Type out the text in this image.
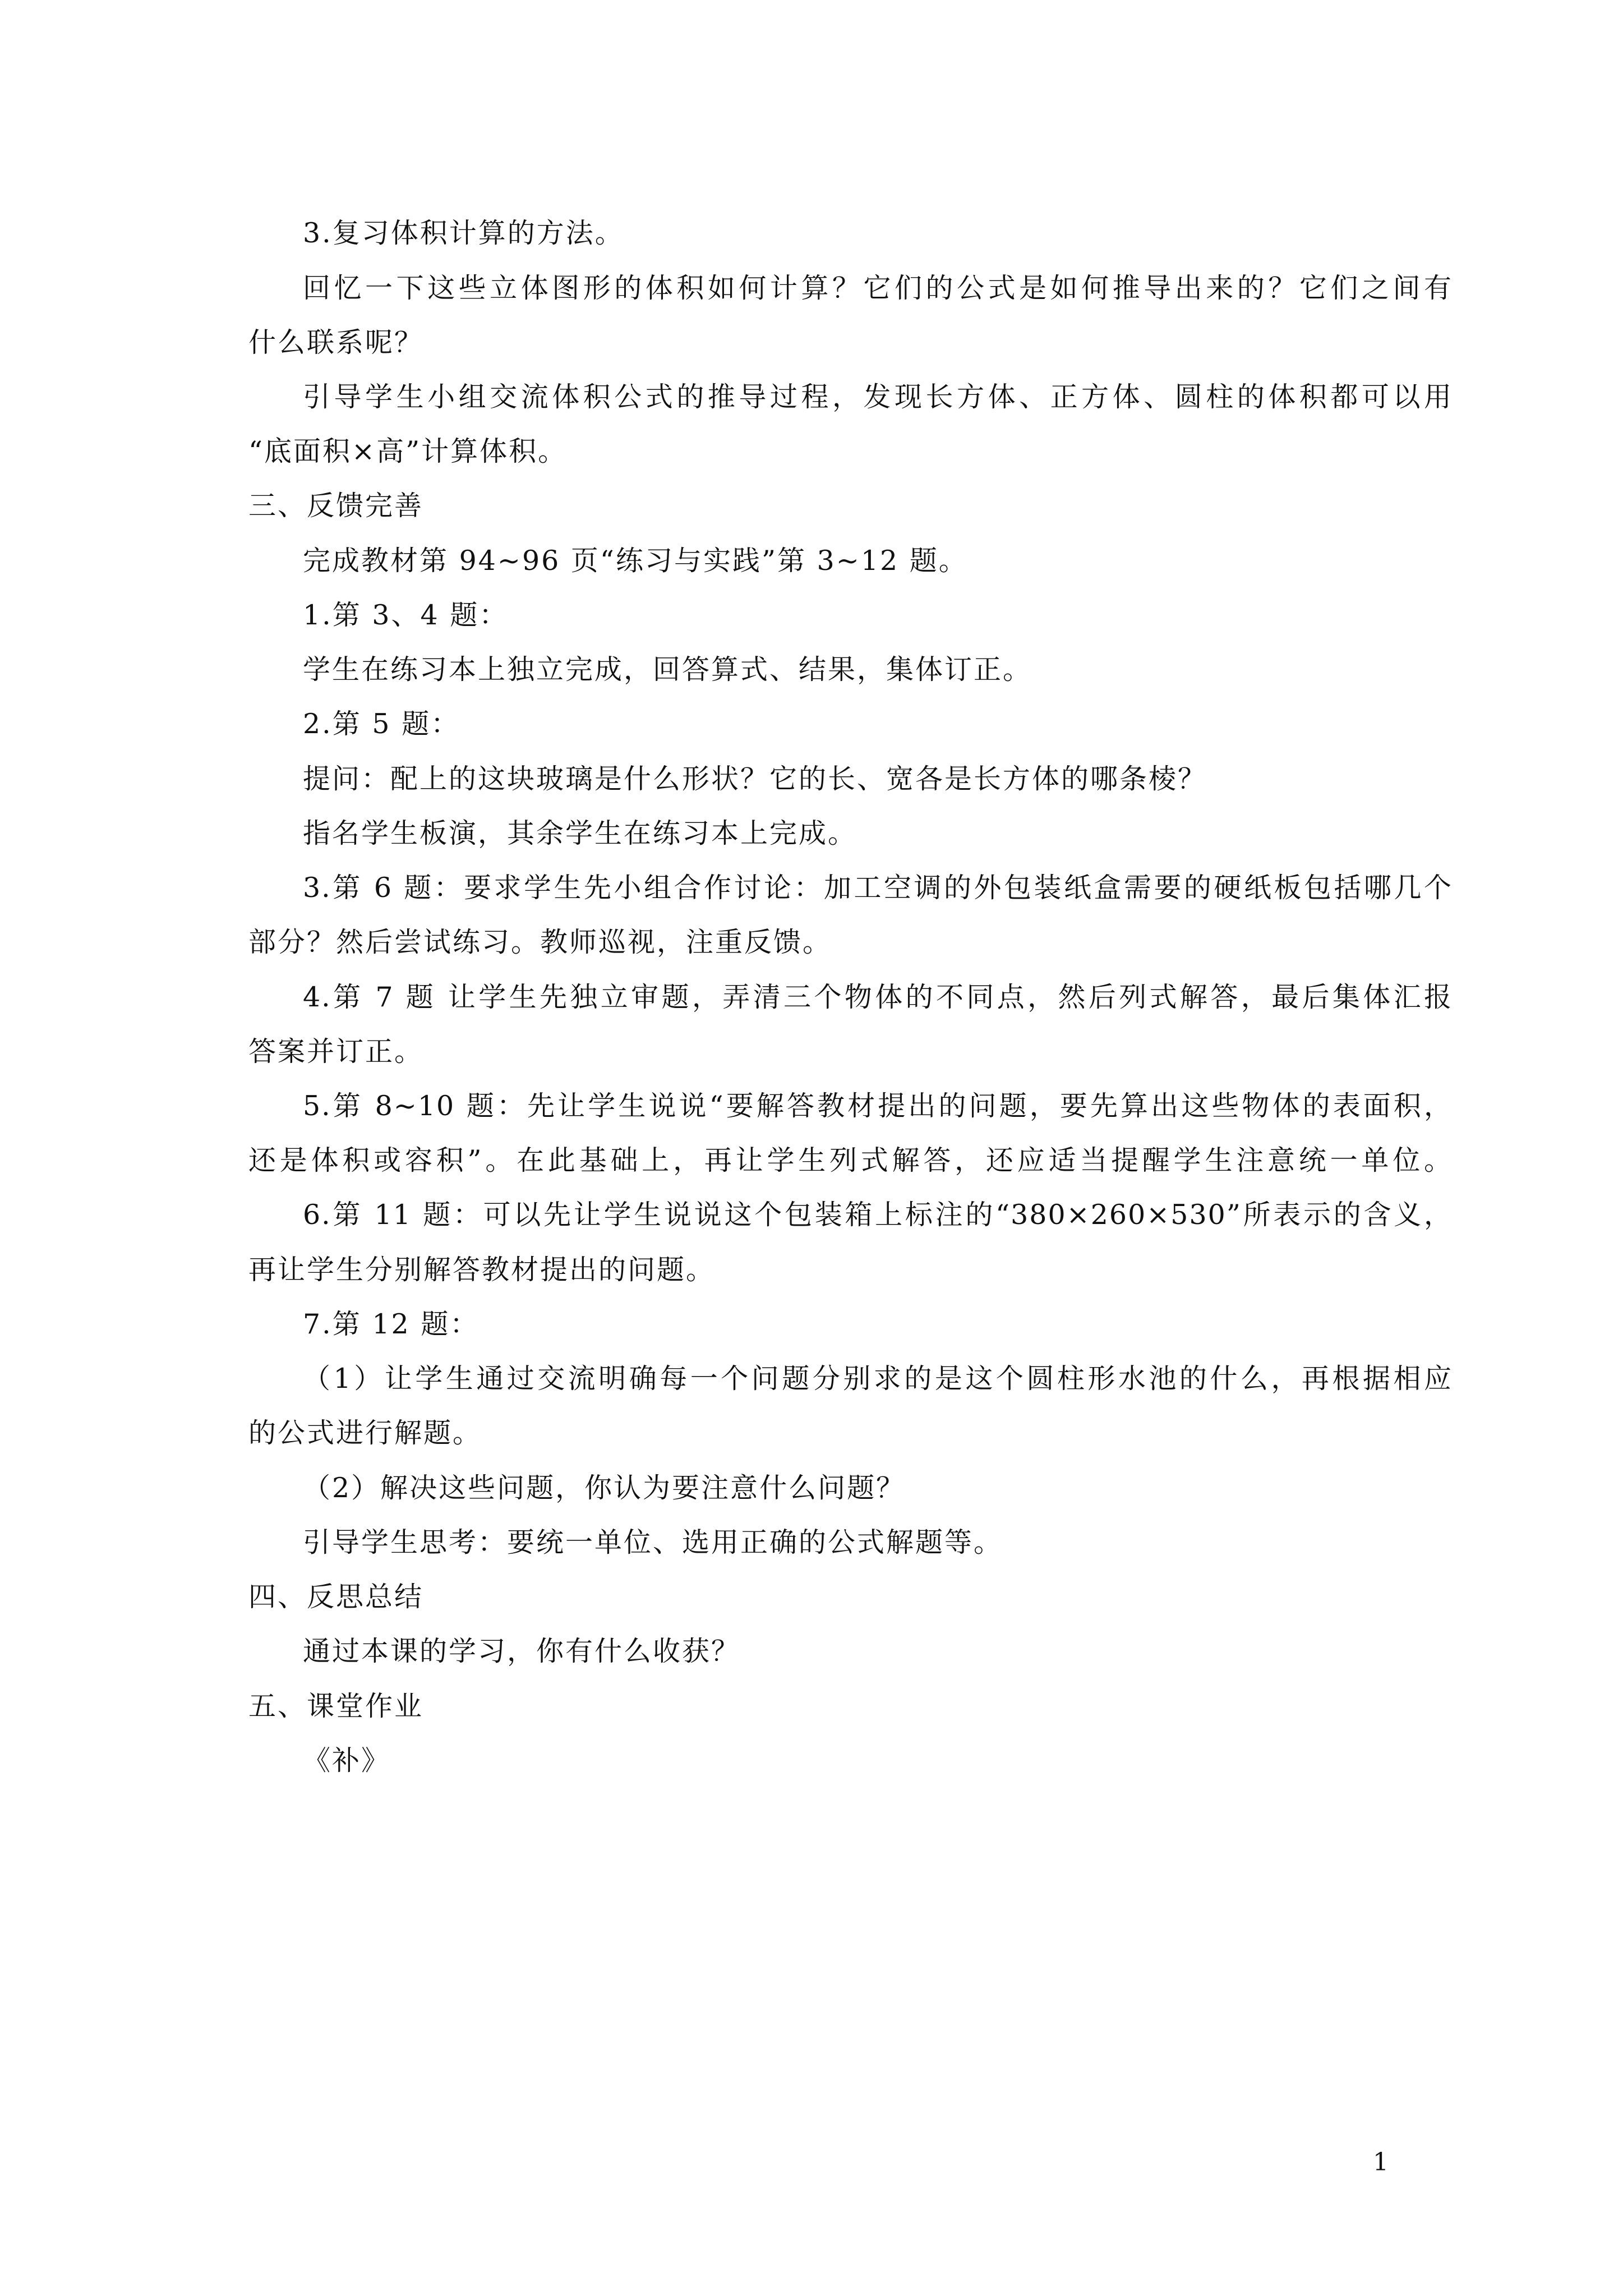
3.复习体积计算的方法。
回忆一下这些立体图形的体积如何计算？它们的公式是如何推导出来的？它们之间有
什么联系呢？
引导学生小组交流体积公式的推导过程，发现长方体、正方体、圆柱的体积都可以用
“底面积×高”计算体积。
三、反馈完善
完成教材第 94~96 页“练习与实践”第 3~12 题。
1.第 3、4 题：
学生在练习本上独立完成，回答算式、结果，集体订正。
2.第 5 题：
提问：配上的这块玻璃是什么形状？它的长、宽各是长方体的哪条棱？
指名学生板演，其余学生在练习本上完成。
3.第 6 题：要求学生先小组合作讨论：加工空调的外包装纸盒需要的硬纸板包括哪几个
部分？然后尝试练习。教师巡视，注重反馈。
4.第 7 题 让学生先独立审题，弄清三个物体的不同点，然后列式解答，最后集体汇报
答案并订正。
5.第 8~10 题：先让学生说说“要解答教材提出的问题，要先算出这些物体的表面积，
还是体积或容积”。在此基础上，再让学生列式解答，还应适当提醒学生注意统一单位。
6.第 11 题：可以先让学生说说这个包装箱上标注的“380×260×530”所表示的含义，
再让学生分别解答教材提出的问题。
7.第 12 题：
（1）让学生通过交流明确每一个问题分别求的是这个圆柱形水池的什么，再根据相应
的公式进行解题。
（2）解决这些问题，你认为要注意什么问题？
引导学生思考：要统一单位、选用正确的公式解题等。
四、反思总结
通过本课的学习，你有什么收获？
五、课堂作业
《补》
1
